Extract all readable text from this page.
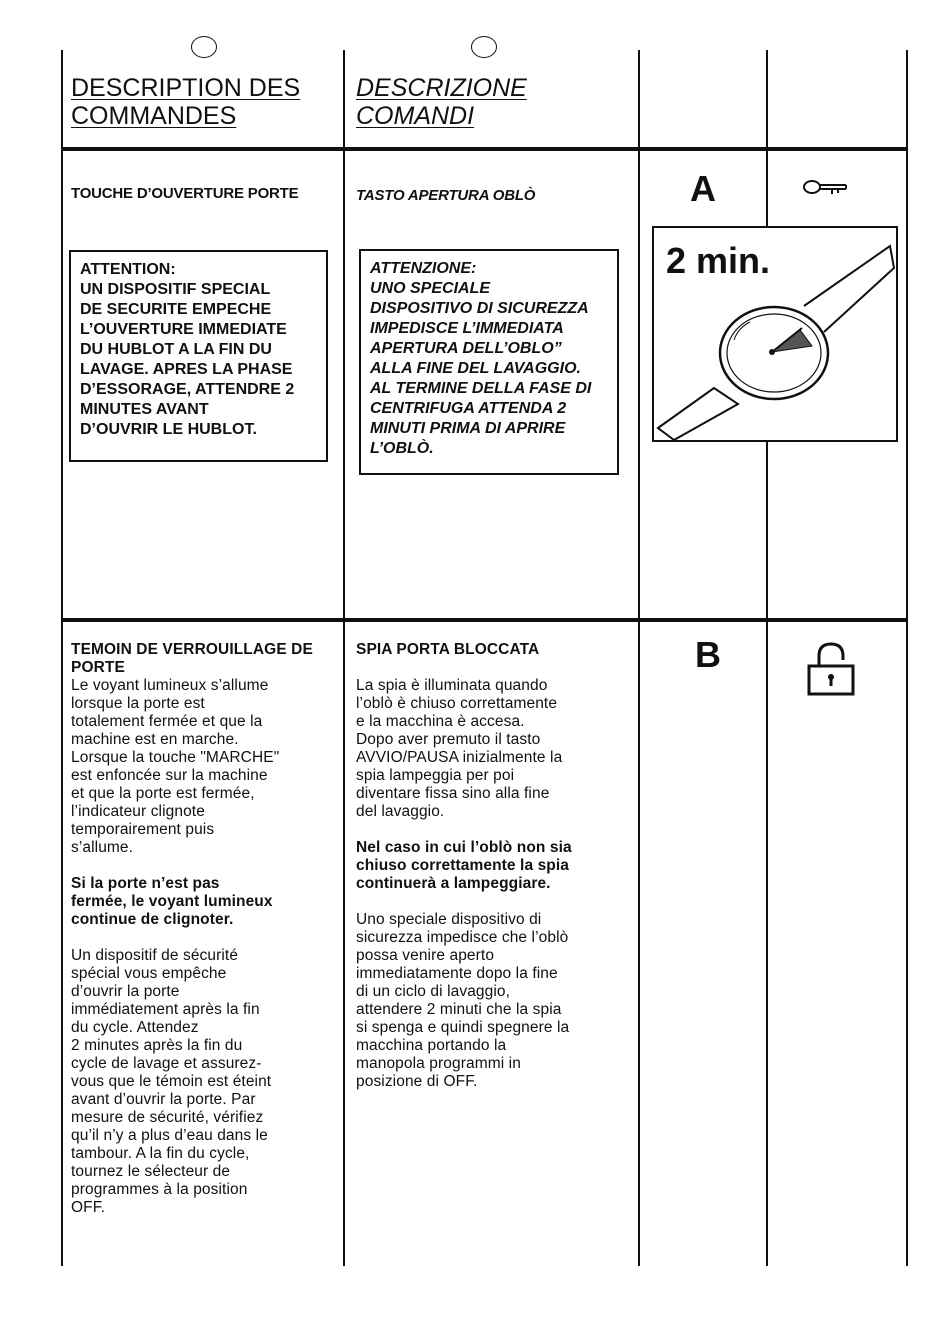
DESCRIPTION DES
COMMANDES
DESCRIZIONE
COMANDI
TOUCHE D’OUVERTURE PORTE	TASTO APERTURA OBLÒ
ATTENTION:
UN DISPOSITIF SPECIAL
DE SECURITE EMPECHE
L’OUVERTURE IMMEDIATE
DU HUBLOT A LA FIN DU
LAVAGE. APRES LA PHASE
D’ESSORAGE, ATTENDRE 2
MINUTES AVANT
D’OUVRIR LE HUBLOT.
ATTENZIONE:
UNO SPECIALE
DISPOSITIVO DI SICUREZZA
IMPEDISCE L’IMMEDIATA
APERTURA DELL’OBLO”
ALLA FINE DEL LAVAGGIO.
AL TERMINE DELLA FASE DI
CENTRIFUGA ATTENDA 2
MINUTI PRIMA DI APRIRE
L’OBLÒ.
A
2 min.
TEMOIN DE VERROUILLAGE DE
PORTE
Le voyant lumineux s’allume
lorsque la porte est
totalement fermée et que la
machine est en marche.
Lorsque la touche "MARCHE"
est enfoncée sur la machine
et que la porte est fermée,
l’indicateur clignote
temporairement puis
s’allume.
Si la porte n’est pas
fermée, le voyant lumineux
continue de clignoter.
Un dispositif de sécurité
spécial vous empêche
d’ouvrir la porte
immédiatement après la fin
du cycle. Attendez
2 minutes après la fin du
cycle de lavage et assurez-
vous que le témoin est éteint
avant d’ouvrir la porte. Par
mesure de sécurité, vérifiez
qu’il n’y a plus d’eau dans le
tambour. A la fin du cycle,
tournez le sélecteur de
programmes à la position
OFF.
SPIA PORTA BLOCCATA
La spia è illuminata quando
l’oblò è chiuso correttamente
e la macchina è accesa.
Dopo aver premuto il tasto
AVVIO/PAUSA inizialmente la
spia lampeggia per poi
diventare fissa sino alla fine
del lavaggio.
Nel caso in cui l’oblò non sia
chiuso correttamente la spia
continuerà a lampeggiare.
Uno speciale dispositivo di
sicurezza impedisce che l’oblò
possa venire aperto
immediatamente dopo la fine
di un ciclo di lavaggio,
attendere 2 minuti che la spia
si spenga e quindi spegnere la
macchina portando la
manopola programmi in
posizione di OFF.
B
